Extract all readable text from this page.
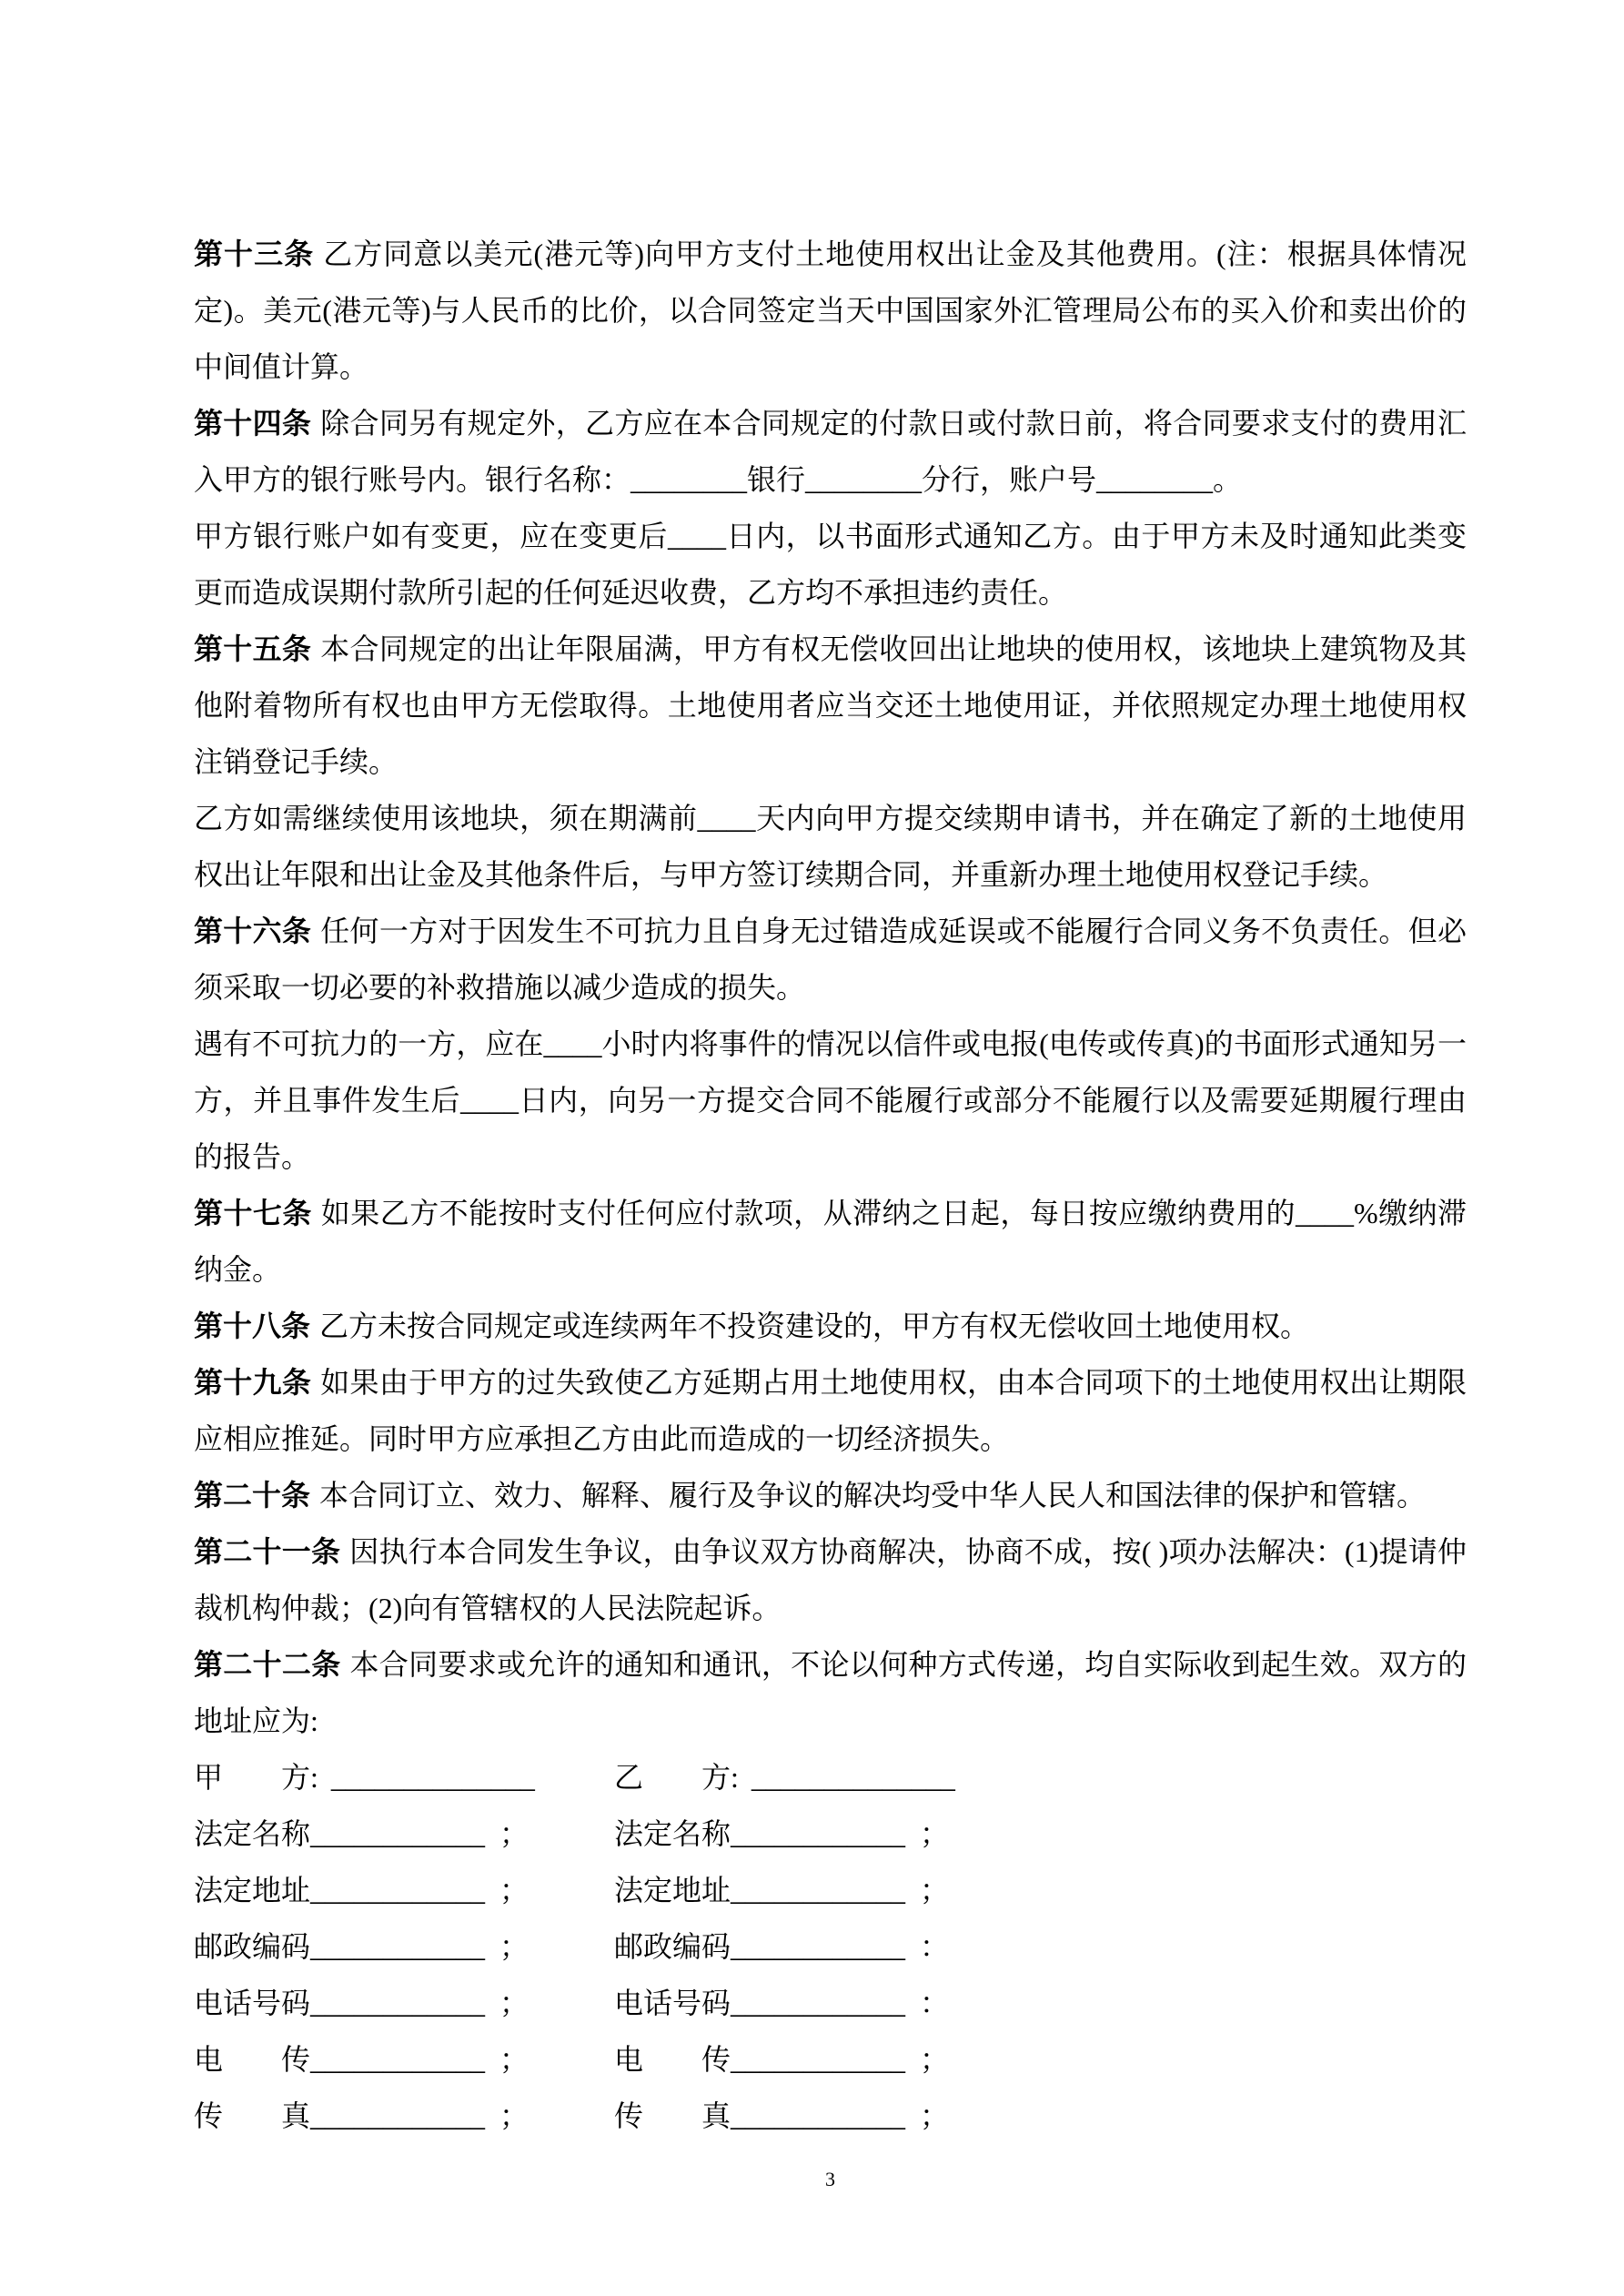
第十三条 乙方同意以美元(港元等)向甲方支付土地使用权出让金及其他费用。(注：根据具体情况定)。美元(港元等)与人民币的比价，以合同签定当天中国国家外汇管理局公布的买入价和卖出价的中间值计算。

第十四条 除合同另有规定外，乙方应在本合同规定的付款日或付款日前，将合同要求支付的费用汇入甲方的银行账号内。银行名称：________银行________分行，账户号________。

甲方银行账户如有变更，应在变更后____日内，以书面形式通知乙方。由于甲方未及时通知此类变更而造成误期付款所引起的任何延迟收费，乙方均不承担违约责任。

第十五条 本合同规定的出让年限届满，甲方有权无偿收回出让地块的使用权，该地块上建筑物及其他附着物所有权也由甲方无偿取得。土地使用者应当交还土地使用证，并依照规定办理土地使用权注销登记手续。

乙方如需继续使用该地块，须在期满前____天内向甲方提交续期申请书，并在确定了新的土地使用权出让年限和出让金及其他条件后，与甲方签订续期合同，并重新办理土地使用权登记手续。

第十六条 任何一方对于因发生不可抗力且自身无过错造成延误或不能履行合同义务不负责任。但必须采取一切必要的补救措施以减少造成的损失。

遇有不可抗力的一方，应在____小时内将事件的情况以信件或电报(电传或传真)的书面形式通知另一方，并且事件发生后____日内，向另一方提交合同不能履行或部分不能履行以及需要延期履行理由的报告。

第十七条 如果乙方不能按时支付任何应付款项，从滞纳之日起，每日按应缴纳费用的____%缴纳滞纳金。

第十八条 乙方未按合同规定或连续两年不投资建设的，甲方有权无偿收回土地使用权。

第十九条 如果由于甲方的过失致使乙方延期占用土地使用权，由本合同项下的土地使用权出让期限应相应推延。同时甲方应承担乙方由此而造成的一切经济损失。

第二十条 本合同订立、效力、解释、履行及争议的解决均受中华人民人和国法律的保护和管辖。

第二十一条 因执行本合同发生争议，由争议双方协商解决，协商不成，按( )项办法解决：(1)提请仲裁机构仲裁；(2)向有管辖权的人民法院起诉。

第二十二条 本合同要求或允许的通知和通讯，不论以何种方式传递，均自实际收到起生效。双方的地址应为:

甲　　方: ______________	乙　　方: ______________
法定名称____________ ；	法定名称____________ ；
法定地址____________ ；	法定地址____________ ；
邮政编码____________ ；	邮政编码____________ ：
电话号码____________ ；	电话号码____________ ：
电　　传____________ ；	电　　传____________ ；
传　　真____________ ；	传　　真____________ ；
3
